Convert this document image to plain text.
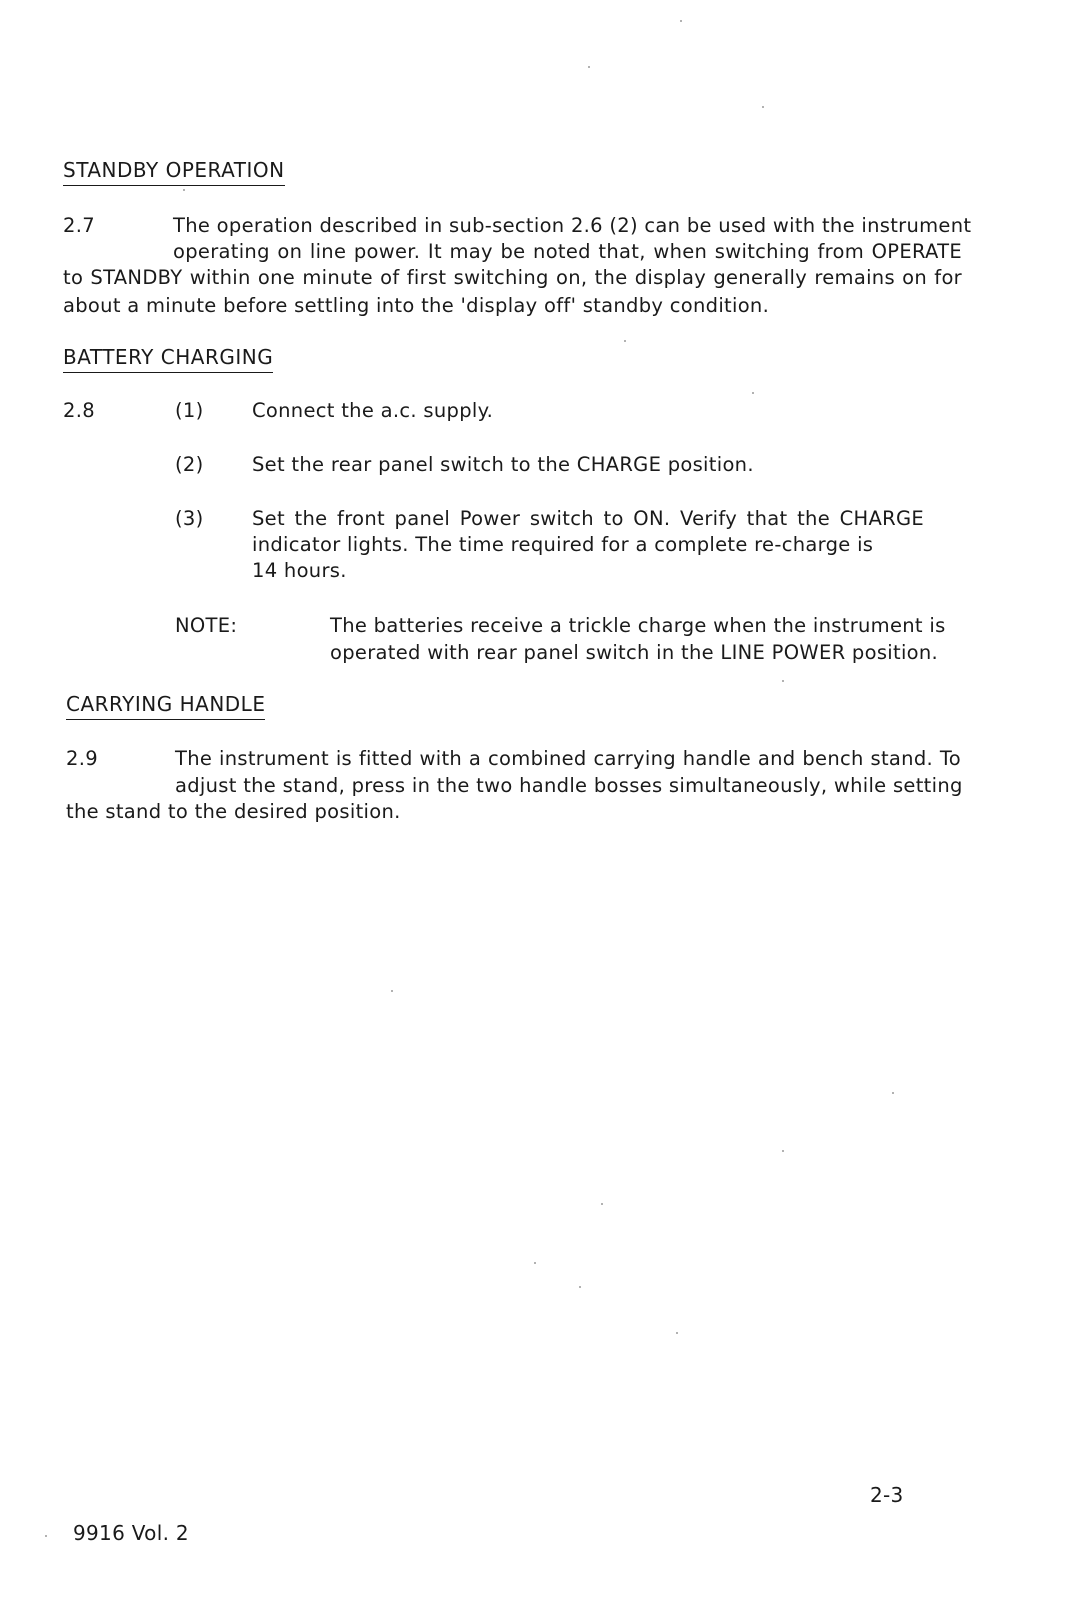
STANDBY OPERATION
2.7	The operation described in sub-section 2.6 (2) can be used with the instrument
operating on line power. It may be noted that, when switching from OPERATE
to STANDBY within one minute of first switching on, the display generally remains on for
about a minute before settling into the 'display off' standby condition.
BATTERY CHARGING
2.8	(1) Connect the a.c. supply.
(2) Set the rear panel switch to the CHARGE position.
(3) Set the front panel Power switch to ON. Verify that the CHARGE
indicator lights. The time required for a complete re-charge is
14 hours.
NOTE:	The batteries receive a trickle charge when the instrument is
operated with rear panel switch in the LINE POWER position.
CARRYING HANDLE
2.9	The instrument is fitted with a combined carrying handle and bench stand. To
adjust the stand, press in the two handle bosses simultaneously, while setting
the stand to the desired position.
2-3
9916 Vol. 2
